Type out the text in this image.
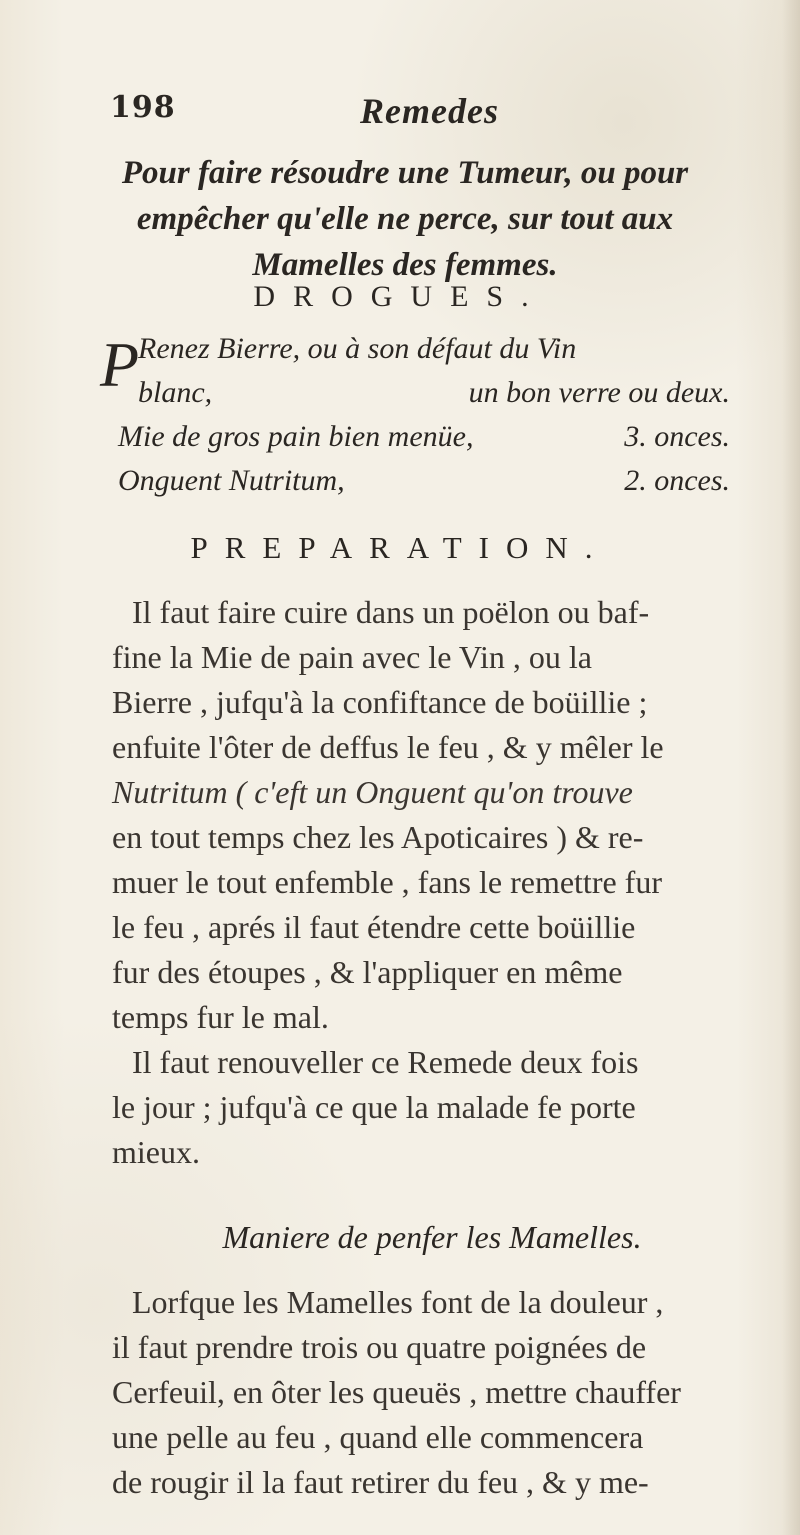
198	Remedes
Pour faire résoudre une Tumeur, ou pour empêcher qu'elle ne perce, sur tout aux Mamelles des femmes.
DROGUES.
P
Renez Bierre, ou à son défaut du Vin
blanc,	un bon verre ou deux.
Mie de gros pain bien menüe,	3. onces.
Onguent Nutritum,	2. onces.
PREPARATION.
Il faut faire cuire dans un poëlon ou baf-
fine la Mie de pain avec le Vin , ou la
Bierre , jufqu'à la confiftance de boüillie ;
enfuite l'ôter de deffus le feu , & y mêler le
Nutritum ( c'eft un Onguent qu'on trouve
en tout temps chez les Apoticaires ) & re-
muer le tout enfemble , fans le remettre fur
le feu , aprés il faut étendre cette boüillie
fur des étoupes , & l'appliquer en même
temps fur le mal.
Il faut renouveller ce Remede deux fois
le jour ; jufqu'à ce que la malade fe porte
mieux.
Maniere de penfer les Mamelles.
Lorfque les Mamelles font de la douleur ,
il faut prendre trois ou quatre poignées de
Cerfeuil, en ôter les queuës , mettre chauffer
une pelle au feu , quand elle commencera
de rougir il la faut retirer du feu , & y me-
